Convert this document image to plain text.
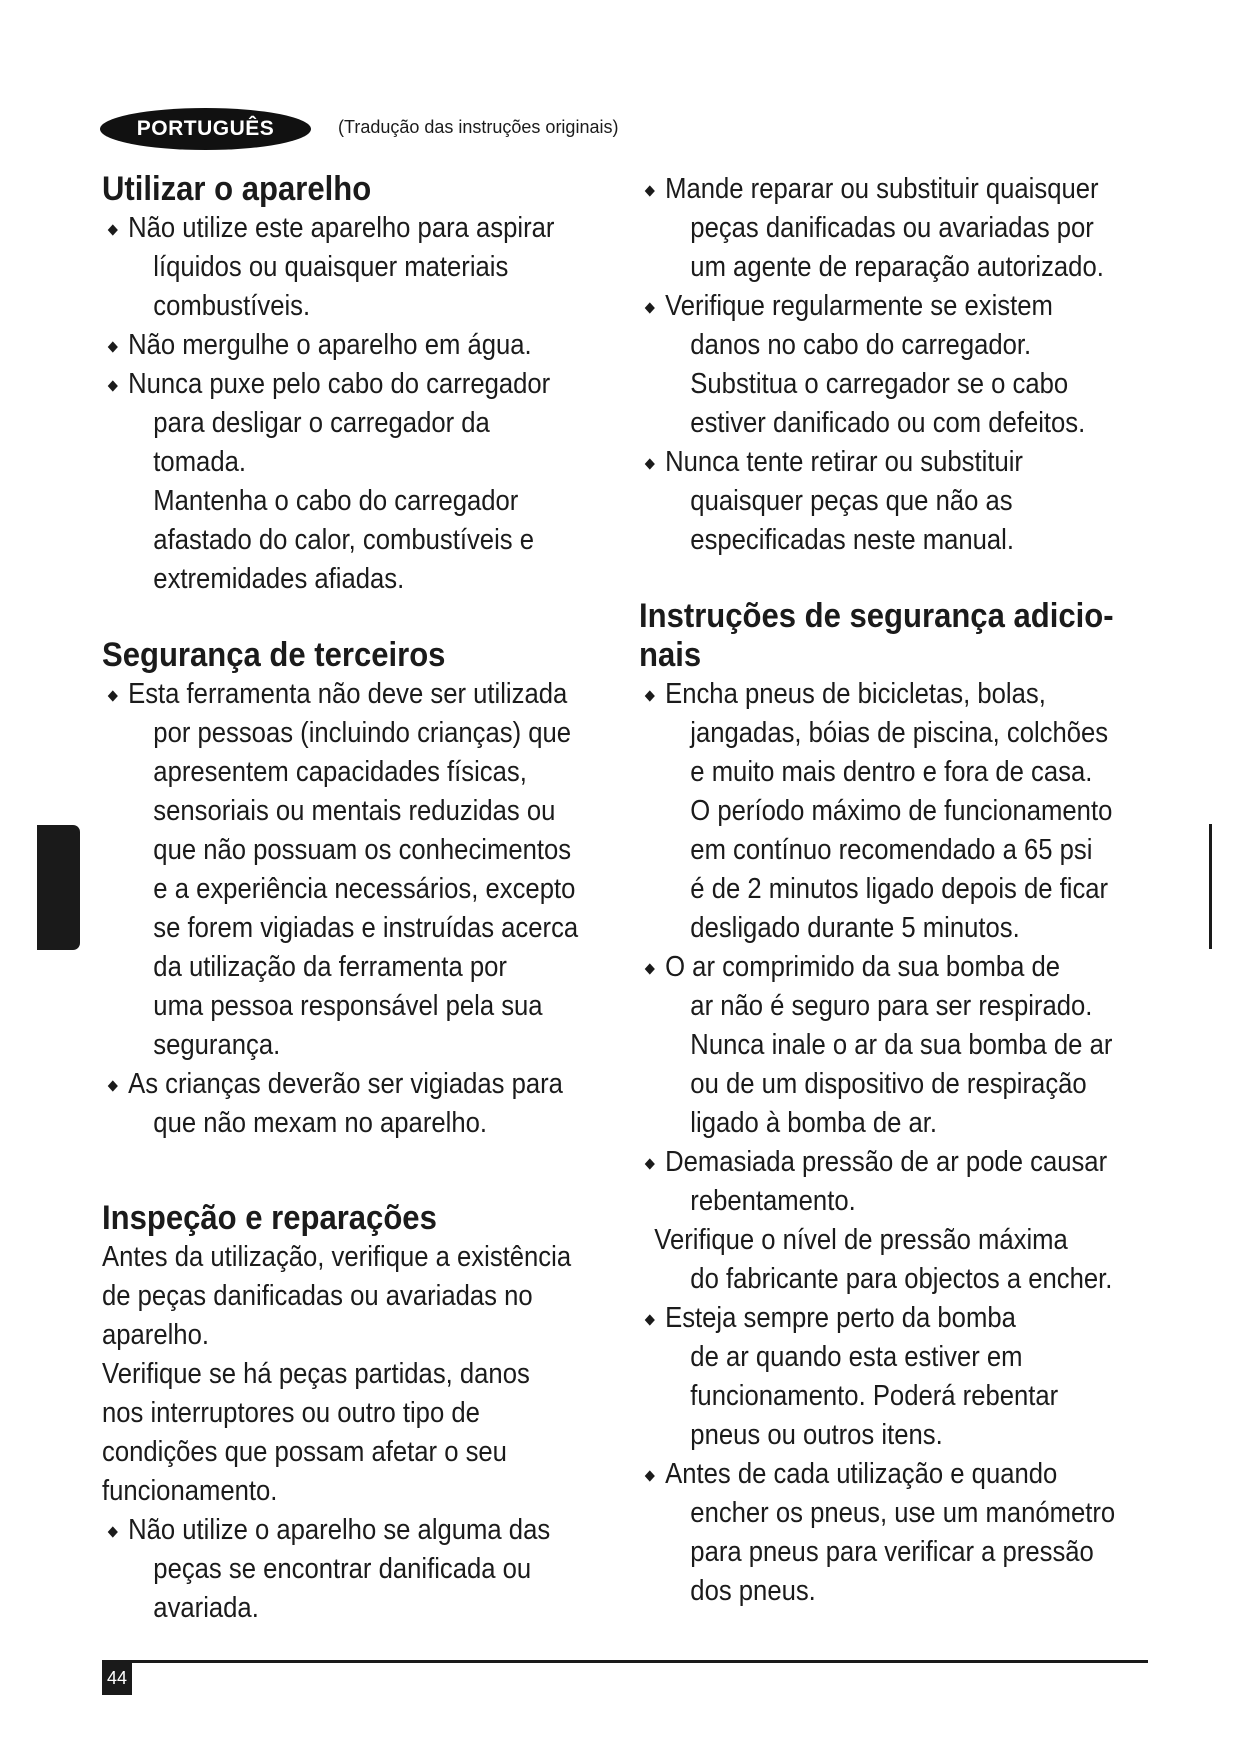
PORTUGUÊS	(Tradução das instruções originais)
Utilizar o aparelho
Não utilize este aparelho para aspirar
líquidos ou quaisquer materiais
combustíveis.
Não mergulhe o aparelho em água.
Nunca puxe pelo cabo do carregador
para desligar o carregador da tomada.
Mantenha o cabo do carregador
afastado do calor, combustíveis e
extremidades afiadas.
Segurança de terceiros
Esta ferramenta não deve ser utilizada
por pessoas (incluindo crianças) que
apresentem capacidades físicas,
sensoriais ou mentais reduzidas ou
que não possuam os conhecimentos
e a experiência necessários, excepto
se forem vigiadas e instruídas acerca
da utilização da ferramenta por
uma pessoa responsável pela sua
segurança.
As crianças deverão ser vigiadas para
que não mexam no aparelho.
Inspeção e reparações
Antes da utilização, verifique a existência
de peças danificadas ou avariadas no
aparelho.
Verifique se há peças partidas, danos
nos interruptores ou outro tipo de
condições que possam afetar o seu
funcionamento.
Não utilize o aparelho se alguma das
peças se encontrar danificada ou
avariada.
Mande reparar ou substituir quaisquer
peças danificadas ou avariadas por
um agente de reparação autorizado.
Verifique regularmente se existem
danos no cabo do carregador.
Substitua o carregador se o cabo
estiver danificado ou com defeitos.
Nunca tente retirar ou substituir
quaisquer peças que não as
especificadas neste manual.
Instruções de segurança adicio-
nais
Encha pneus de bicicletas, bolas,
jangadas, bóias de piscina, colchões
e muito mais dentro e fora de casa.
O período máximo de funcionamento
em contínuo recomendado a 65 psi
é de 2 minutos ligado depois de ficar
desligado durante 5 minutos.
O ar comprimido da sua bomba de
ar não é seguro para ser respirado.
Nunca inale o ar da sua bomba de ar
ou de um dispositivo de respiração
ligado à bomba de ar.
Demasiada pressão de ar pode causar
rebentamento.
Verifique o nível de pressão máxima
do fabricante para objectos a encher.
Esteja sempre perto da bomba
de ar quando esta estiver em
funcionamento. Poderá rebentar
pneus ou outros itens.
Antes de cada utilização e quando
encher os pneus, use um manómetro
para pneus para verificar a pressão
dos pneus.
44
